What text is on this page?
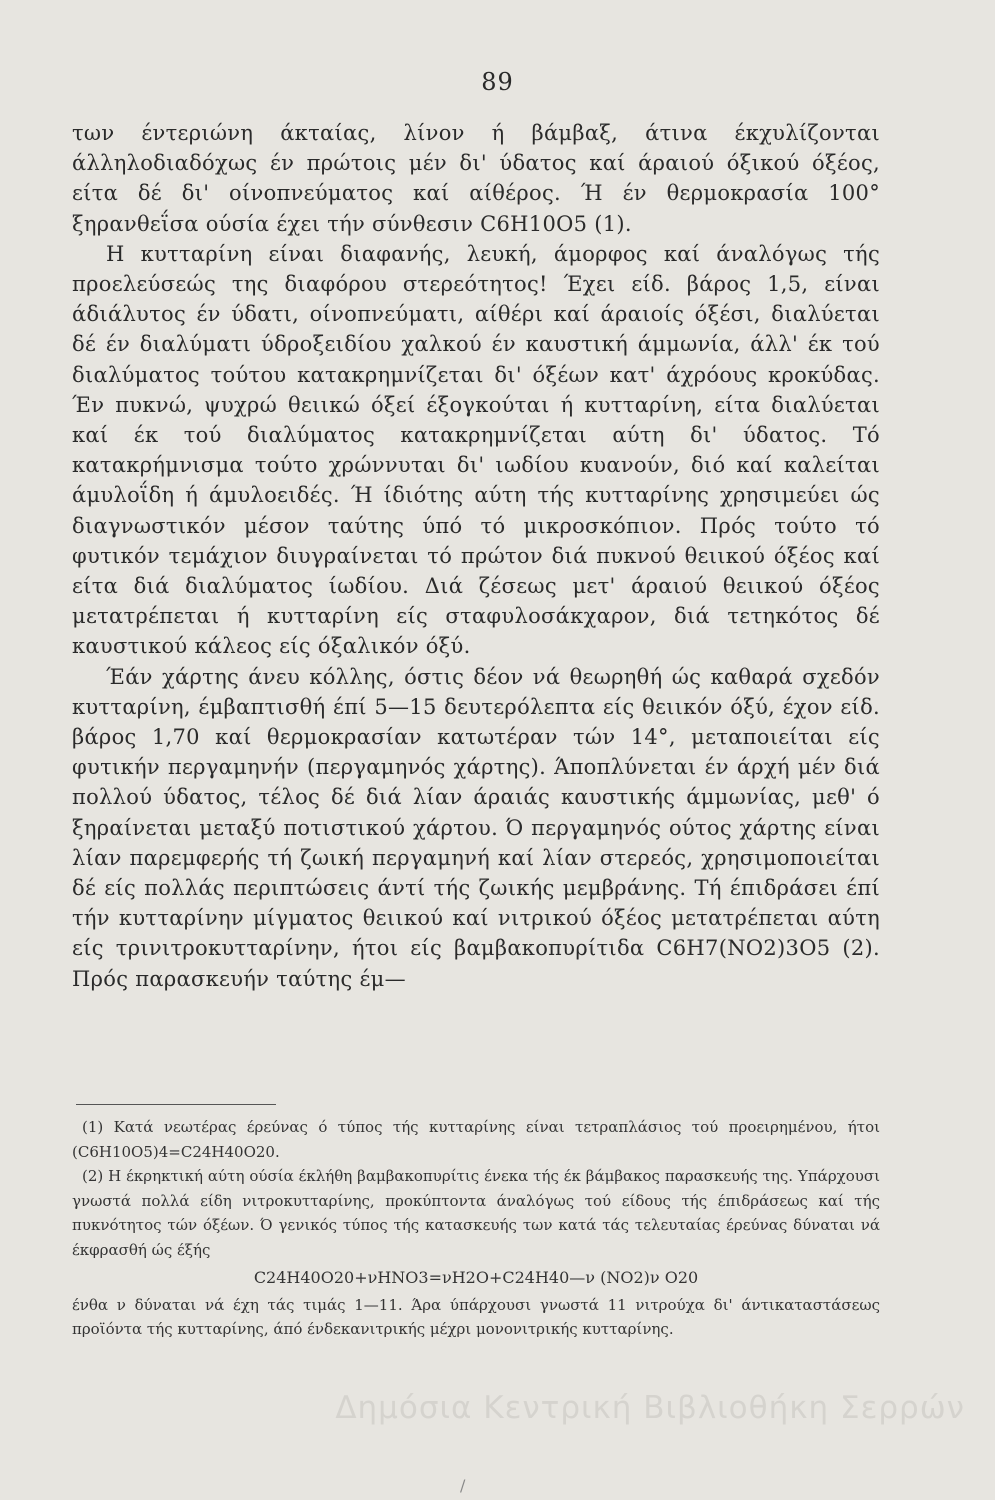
89

των έντεριώνη άκταίας, λίνον ή βάμβαξ, άτινα έκχυλίζονται άλληλοδιαδόχως έν πρώτοις μέν δι' ύδατος καί άραιού όξικού όξέος, είτα δέ δι' οίνοπνεύματος καί αίθέρος. Ή έν θερμοκρασία 100° ξηρανθεΐσα ούσία έχει τήν σύνθεσιν C6H10O5 (1).

Η κυτταρίνη είναι διαφανής, λευκή, άμορφος καί άναλόγως τής προελεύσεώς της διαφόρου στερεότητος! Έχει είδ. βάρος 1,5, είναι άδιάλυτος έν ύδατι, οίνοπνεύματι, αίθέρι καί άραιοίς όξέσι, διαλύεται δέ έν διαλύματι ύδροξειδίου χαλκού έν καυστική άμμωνία, άλλ' έκ τού διαλύματος τούτου κατακρημνίζεται δι' όξέων κατ' άχρόους κροκύδας. Έν πυκνώ, ψυχρώ θειικώ όξεί έξογκούται ή κυτταρίνη, είτα διαλύεται καί έκ τού διαλύματος κατακρημνίζεται αύτη δι' ύδατος. Τό κατακρήμνισμα τούτο χρώννυται δι' ιωδίου κυανούν, διό καί καλείται άμυλοΐδη ή άμυλοειδές. Ή ίδιότης αύτη τής κυτταρίνης χρησιμεύει ώς διαγνωστικόν μέσον ταύτης ύπό τό μικροσκόπιον. Πρός τούτο τό φυτικόν τεμάχιον διυγραίνεται τό πρώτον διά πυκνού θειικού όξέος καί είτα διά διαλύματος ίωδίου. Διά ζέσεως μετ' άραιού θειικού όξέος μετατρέπεται ή κυτταρίνη είς σταφυλοσάκχαρον, διά τετηκότος δέ καυστικού κάλεος είς όξαλικόν όξύ.

Έάν χάρτης άνευ κόλλης, όστις δέον νά θεωρηθή ώς καθαρά σχεδόν κυτταρίνη, έμβαπτισθή έπί 5—15 δευτερόλεπτα είς θειικόν όξύ, έχον είδ. βάρος 1,70 καί θερμοκρασίαν κατωτέραν τών 14°, μεταποιείται είς φυτικήν περγαμηνήν (περγαμηνός χάρτης). Άποπλύνεται έν άρχή μέν διά πολλού ύδατος, τέλος δέ διά λίαν άραιάς καυστικής άμμωνίας, μεθ' ό ξηραίνεται μεταξύ ποτιστικού χάρτου. Ό περγαμηνός ούτος χάρτης είναι λίαν παρεμφερής τή ζωική περγαμηνή καί λίαν στερεός, χρησιμοποιείται δέ είς πολλάς περιπτώσεις άντί τής ζωικής μεμβράνης. Τή έπιδράσει έπί τήν κυτταρίνην μίγματος θειικού καί νιτρικού όξέος μετατρέπεται αύτη είς τρινιτροκυτταρίνην, ήτοι είς βαμβακοπυρίτιδα C6H7(NO2)3O5 (2). Πρός παρασκευήν ταύτης έμ—

(1) Κατά νεωτέρας έρεύνας ό τύπος τής κυτταρίνης είναι τετραπλάσιος τού προειρημένου, ήτοι (C6H10O5)4=C24H40O20.

(2) Η έκρηκτική αύτη ούσία έκλήθη βαμβακοπυρίτις ένεκα τής έκ βάμβακος παρασκευής της. Υπάρχουσι γνωστά πολλά είδη νιτροκυτταρίνης, προκύπτοντα άναλόγως τού είδους τής έπιδράσεως καί τής πυκνότητος τών όξέων. Ό γενικός τύπος τής κατασκευής των κατά τάς τελευταίας έρεύνας δύναται νά έκφρασθή ώς έξής

C24H40O20+νHNO3=νH2O+C24H40—ν (NO2)ν O20

ένθα ν δύναται νά έχη τάς τιμάς 1—11. Άρα ύπάρχουσι γνωστά 11 νιτρούχα δι' άντικαταστάσεως προϊόντα τής κυτταρίνης, άπό ένδεκανιτρικής μέχρι μονονιτρικής κυτταρίνης.

Δημόσια Κεντρική Βιβλιοθήκη Σερρών
/
